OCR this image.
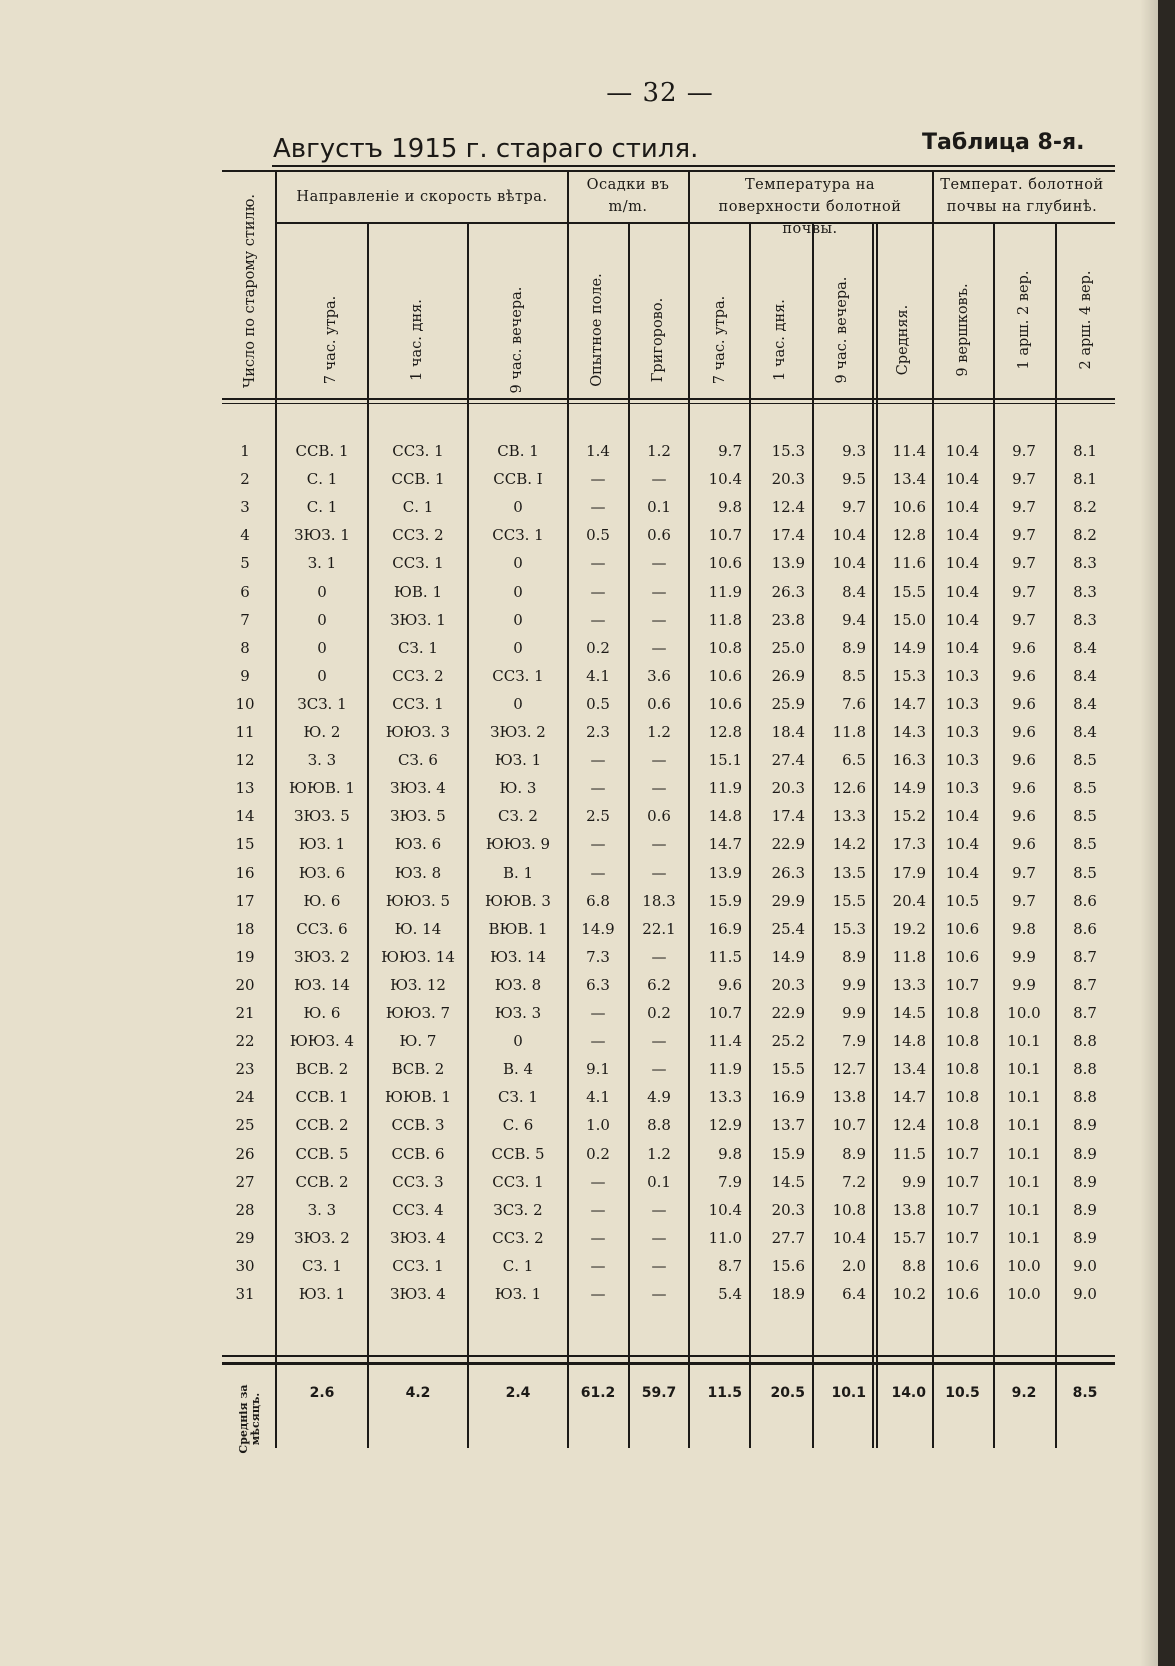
— 32 —
Августъ 1915 г. стараго стиля.	Таблица 8-я.
Направленіе и скорость вѣтра.
Осадки въ m/m.
Температура на поверхности болотной почвы.
Температ. болотной почвы на глубинѣ.
Число по старому стилю.	7 час. утра.	1 час. дня.	9 час. вечера.	Опытное поле.	Григорово.	7 час. утра.	1 час. дня.	9 час. вечера.	Средняя.	9 вершковъ.	1 арш. 2 вер.	2 арш. 4 вер.
1	ССВ. 1	ССЗ. 1	СВ. 1	1.4	1.2	9.7	15.3	9.3	11.4	10.4	9.7	8.1
2	С. 1	ССВ. 1	ССВ. І	—	—	10.4	20.3	9.5	13.4	10.4	9.7	8.1
3	С. 1	С. 1	0	—	0.1	9.8	12.4	9.7	10.6	10.4	9.7	8.2
4	ЗЮЗ. 1	ССЗ. 2	ССЗ. 1	0.5	0.6	10.7	17.4	10.4	12.8	10.4	9.7	8.2
5	З. 1	ССЗ. 1	0	—	—	10.6	13.9	10.4	11.6	10.4	9.7	8.3
6	0	ЮВ. 1	0	—	—	11.9	26.3	8.4	15.5	10.4	9.7	8.3
7	0	ЗЮЗ. 1	0	—	—	11.8	23.8	9.4	15.0	10.4	9.7	8.3
8	0	СЗ. 1	0	0.2	—	10.8	25.0	8.9	14.9	10.4	9.6	8.4
9	0	ССЗ. 2	ССЗ. 1	4.1	3.6	10.6	26.9	8.5	15.3	10.3	9.6	8.4
10	ЗСЗ. 1	ССЗ. 1	0	0.5	0.6	10.6	25.9	7.6	14.7	10.3	9.6	8.4
11	Ю. 2	ЮЮЗ. 3	ЗЮЗ. 2	2.3	1.2	12.8	18.4	11.8	14.3	10.3	9.6	8.4
12	З. 3	СЗ. 6	ЮЗ. 1	—	—	15.1	27.4	6.5	16.3	10.3	9.6	8.5
13	ЮЮВ. 1	ЗЮЗ. 4	Ю. 3	—	—	11.9	20.3	12.6	14.9	10.3	9.6	8.5
14	ЗЮЗ. 5	ЗЮЗ. 5	СЗ. 2	2.5	0.6	14.8	17.4	13.3	15.2	10.4	9.6	8.5
15	ЮЗ. 1	ЮЗ. 6	ЮЮЗ. 9	—	—	14.7	22.9	14.2	17.3	10.4	9.6	8.5
16	ЮЗ. 6	ЮЗ. 8	В. 1	—	—	13.9	26.3	13.5	17.9	10.4	9.7	8.5
17	Ю. 6	ЮЮЗ. 5	ЮЮВ. 3	6.8	18.3	15.9	29.9	15.5	20.4	10.5	9.7	8.6
18	ССЗ. 6	Ю. 14	ВЮВ. 1	14.9	22.1	16.9	25.4	15.3	19.2	10.6	9.8	8.6
19	ЗЮЗ. 2	ЮЮЗ. 14	ЮЗ. 14	7.3	—	11.5	14.9	8.9	11.8	10.6	9.9	8.7
20	ЮЗ. 14	ЮЗ. 12	ЮЗ. 8	6.3	6.2	9.6	20.3	9.9	13.3	10.7	9.9	8.7
21	Ю. 6	ЮЮЗ. 7	ЮЗ. 3	—	0.2	10.7	22.9	9.9	14.5	10.8	10.0	8.7
22	ЮЮЗ. 4	Ю. 7	0	—	—	11.4	25.2	7.9	14.8	10.8	10.1	8.8
23	ВСВ. 2	ВСВ. 2	В. 4	9.1	—	11.9	15.5	12.7	13.4	10.8	10.1	8.8
24	ССВ. 1	ЮЮВ. 1	СЗ. 1	4.1	4.9	13.3	16.9	13.8	14.7	10.8	10.1	8.8
25	ССВ. 2	ССВ. 3	С. 6	1.0	8.8	12.9	13.7	10.7	12.4	10.8	10.1	8.9
26	ССВ. 5	ССВ. 6	ССВ. 5	0.2	1.2	9.8	15.9	8.9	11.5	10.7	10.1	8.9
27	ССВ. 2	ССЗ. 3	ССЗ. 1	—	0.1	7.9	14.5	7.2	9.9	10.7	10.1	8.9
28	З. 3	ССЗ. 4	ЗСЗ. 2	—	—	10.4	20.3	10.8	13.8	10.7	10.1	8.9
29	ЗЮЗ. 2	ЗЮЗ. 4	ССЗ. 2	—	—	11.0	27.7	10.4	15.7	10.7	10.1	8.9
30	СЗ. 1	ССЗ. 1	С. 1	—	—	8.7	15.6	2.0	8.8	10.6	10.0	9.0
31	ЮЗ. 1	ЗЮЗ. 4	ЮЗ. 1	—	—	5.4	18.9	6.4	10.2	10.6	10.0	9.0
Среднія за мѣсяцъ.	2.6	4.2	2.4	61.2	59.7	11.5	20.5	10.1	14.0	10.5	9.2	8.5
